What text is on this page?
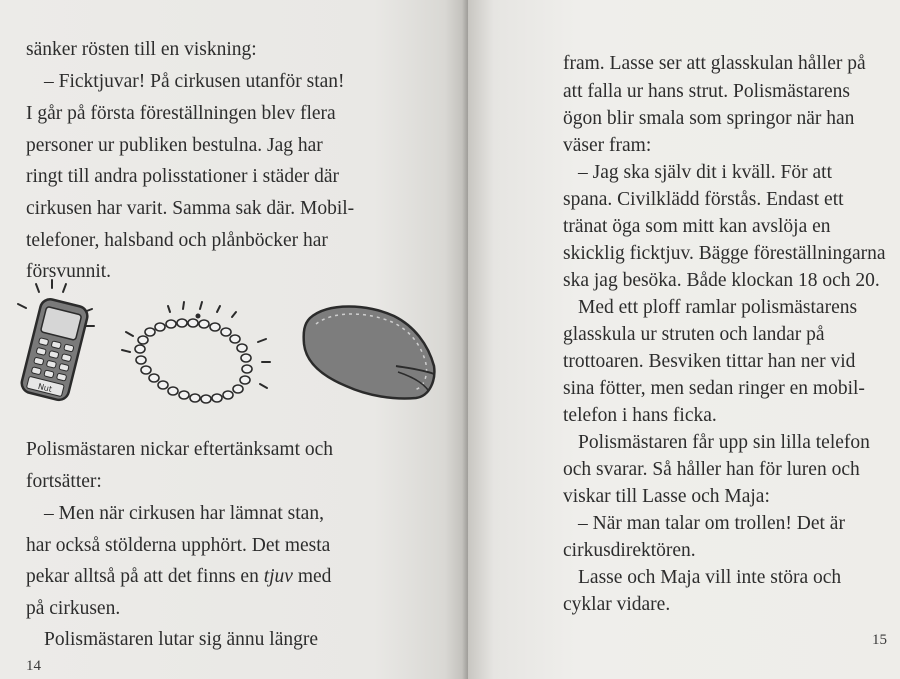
sänker rösten till en viskning:
– Ficktjuvar! På cirkusen utanför stan!
I går på första föreställningen blev flera
personer ur publiken bestulna. Jag har
ringt till andra polisstationer i städer där
cirkusen har varit. Samma sak där. Mobil-
telefoner, halsband och plånböcker har
försvunnit.
Nut
Polismästaren nickar eftertänksamt och
fortsätter:
– Men när cirkusen har lämnat stan,
har också stölderna upphört. Det mesta
pekar alltså på att det finns en tjuv med
på cirkusen.
Polismästaren lutar sig ännu längre
14
fram. Lasse ser att glasskulan håller på
att falla ur hans strut. Polismästarens
ögon blir smala som springor när han
väser fram:
– Jag ska själv dit i kväll. För att
spana. Civilklädd förstås. Endast ett
tränat öga som mitt kan avslöja en
skicklig ficktjuv. Bägge föreställningarna
ska jag besöka. Både klockan 18 och 20.
Med ett ploff ramlar polismästarens
glasskula ur struten och landar på
trottoaren. Besviken tittar han ner vid
sina fötter, men sedan ringer en mobil-
telefon i hans ficka.
Polismästaren får upp sin lilla telefon
och svarar. Så håller han för luren och
viskar till Lasse och Maja:
– När man talar om trollen! Det är
cirkusdirektören.
Lasse och Maja vill inte störa och
cyklar vidare.
15
